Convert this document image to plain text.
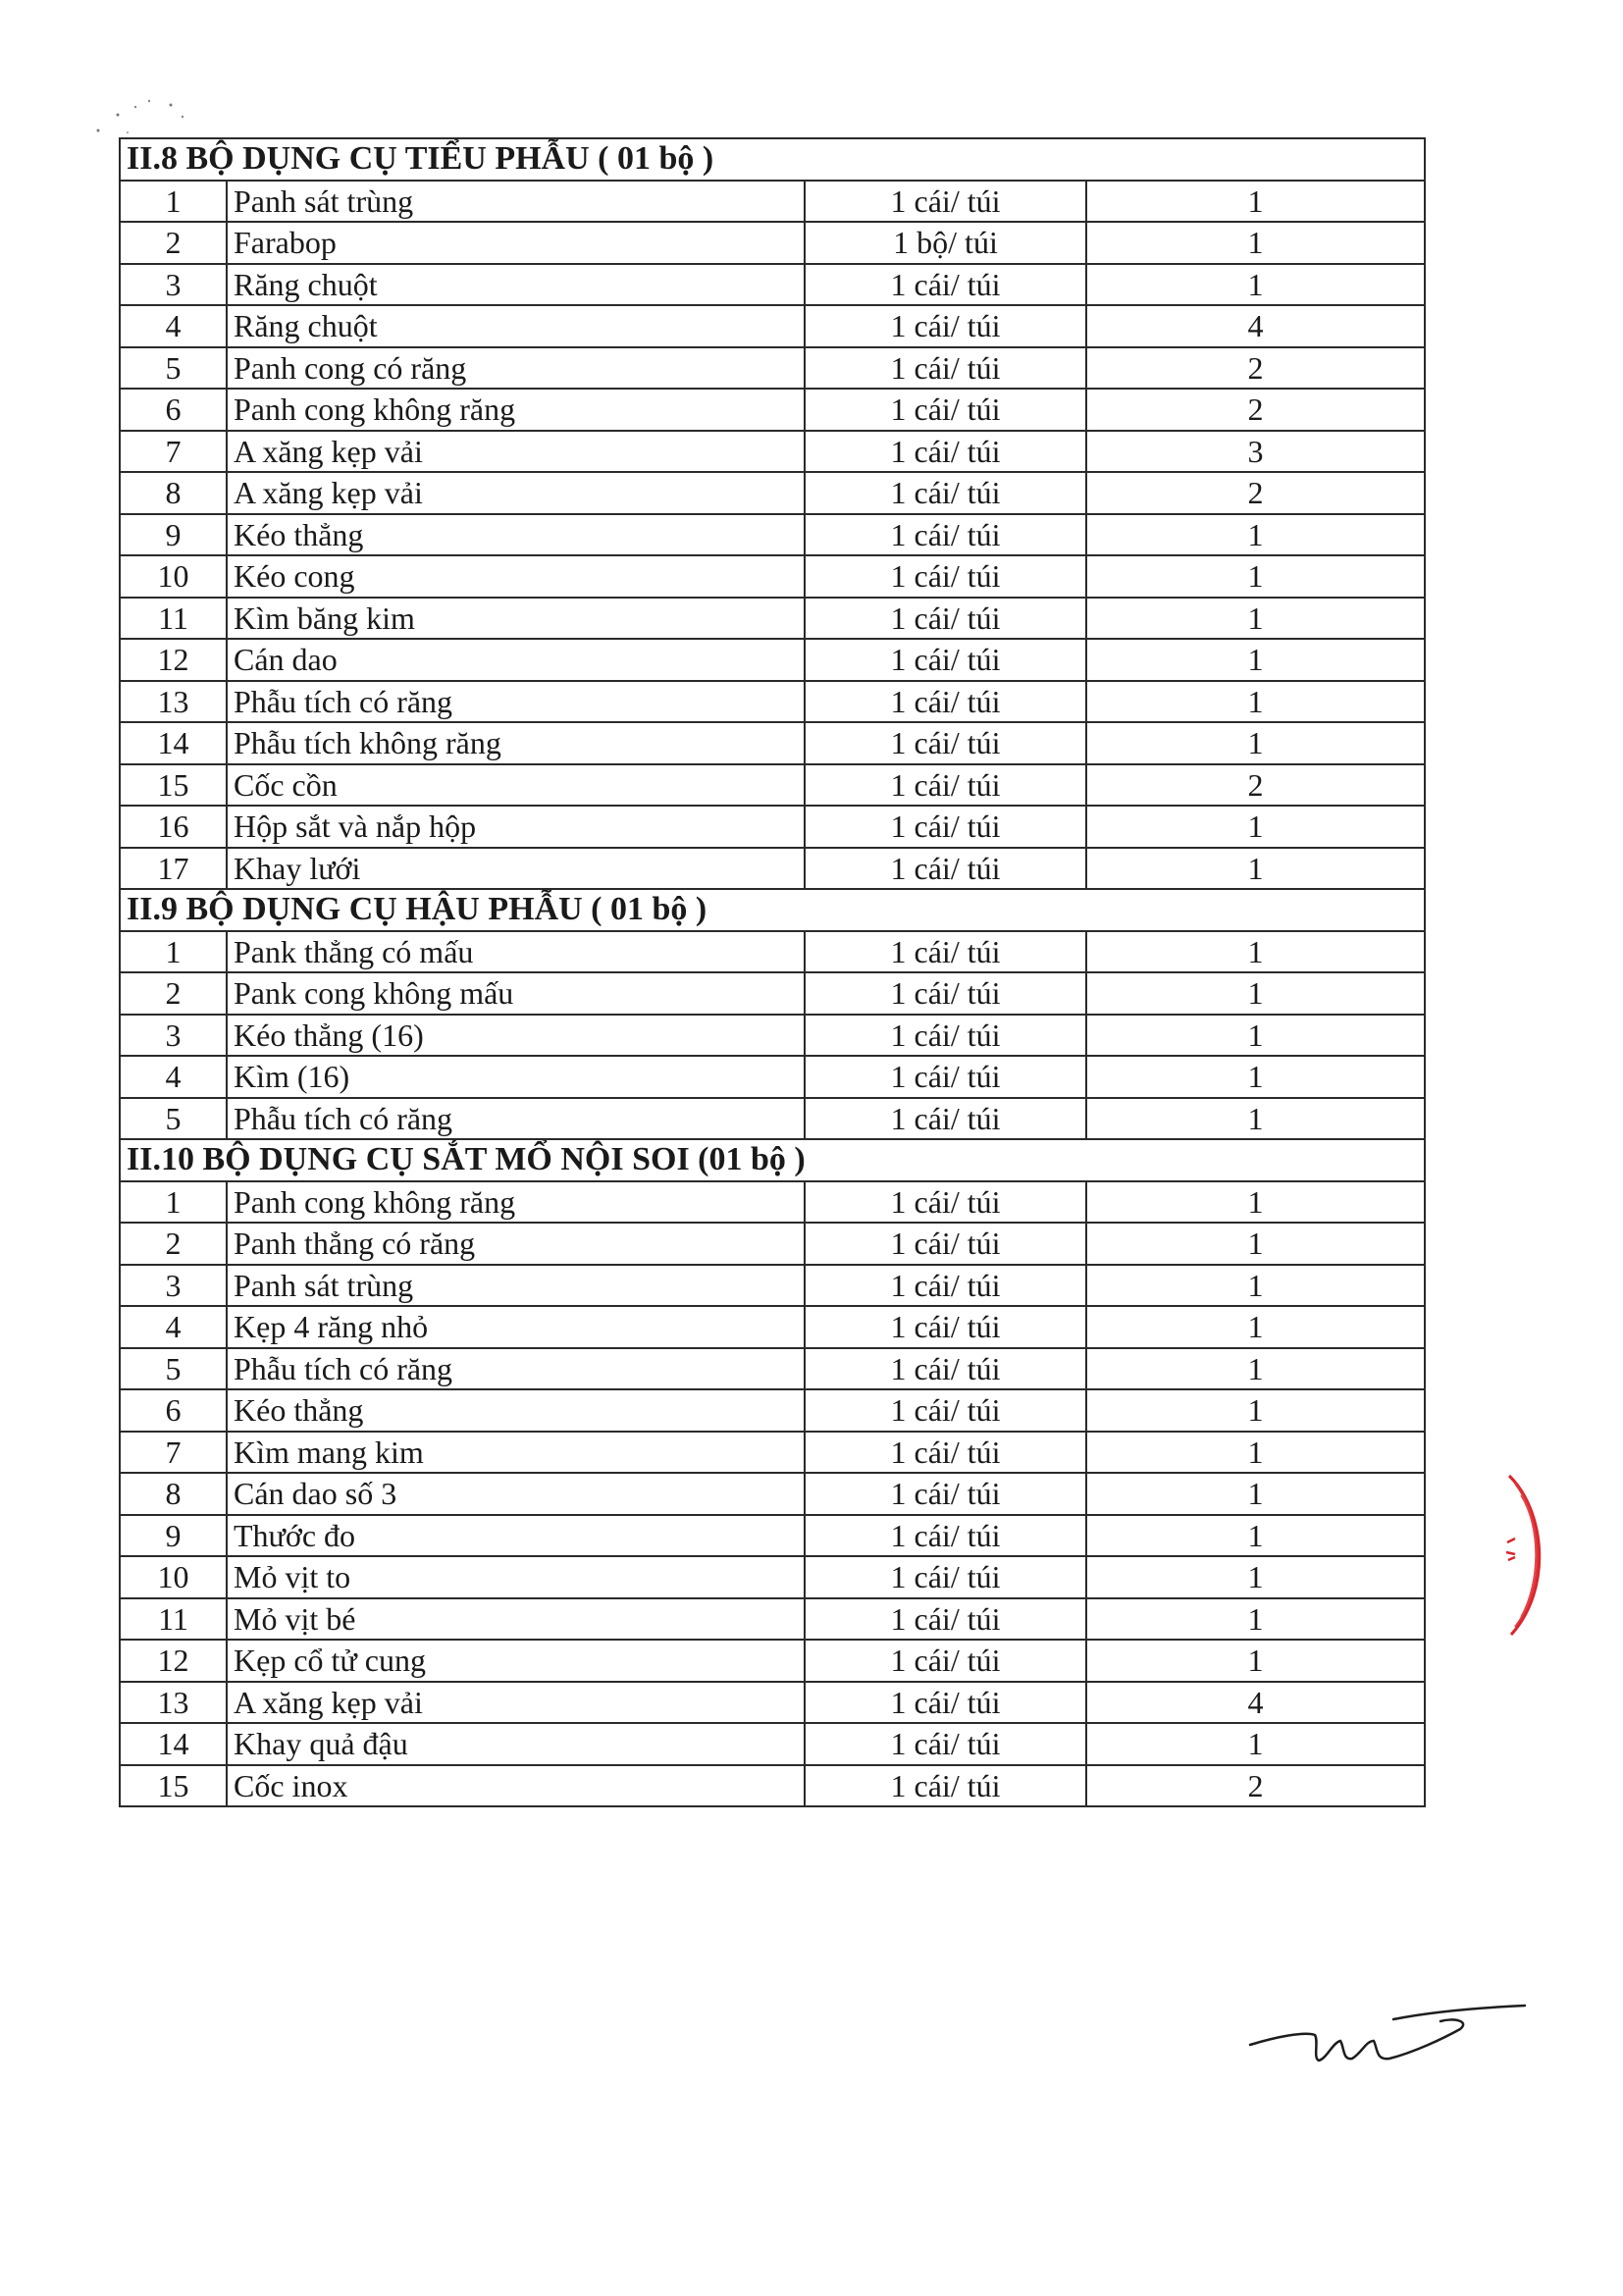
II.8 BỘ DỤNG CỤ TIỂU PHẪU ( 01 bộ )			
1	Panh sát trùng	1 cái/ túi	1
2	Farabop	1 bộ/ túi	1
3	Răng chuột	1 cái/ túi	1
4	Răng chuột	1 cái/ túi	4
5	Panh cong có răng	1 cái/ túi	2
6	Panh cong không răng	1 cái/ túi	2
7	A xăng kẹp vải	1 cái/ túi	3
8	A xăng kẹp vải	1 cái/ túi	2
9	Kéo thẳng	1 cái/ túi	1
10	Kéo cong	1 cái/ túi	1
11	Kìm băng kim	1 cái/ túi	1
12	Cán dao	1 cái/ túi	1
13	Phẫu tích có răng	1 cái/ túi	1
14	Phẫu tích không răng	1 cái/ túi	1
15	Cốc cồn	1 cái/ túi	2
16	Hộp sắt và nắp hộp	1 cái/ túi	1
17	Khay lưới	1 cái/ túi	1
II.9 BỘ DỤNG CỤ HẬU PHẪU ( 01 bộ )			
1	Pank thẳng có mấu	1 cái/ túi	1
2	Pank cong không mấu	1 cái/ túi	1
3	Kéo thẳng (16)	1 cái/ túi	1
4	Kìm (16)	1 cái/ túi	1
5	Phẫu tích có răng	1 cái/ túi	1
II.10 BỘ DỤNG CỤ SẮT MỔ NỘI SOI (01 bộ )			
1	Panh cong không răng	1 cái/ túi	1
2	Panh thẳng có răng	1 cái/ túi	1
3	Panh sát trùng	1 cái/ túi	1
4	Kẹp 4 răng nhỏ	1 cái/ túi	1
5	Phẫu tích có răng	1 cái/ túi	1
6	Kéo thẳng	1 cái/ túi	1
7	Kìm mang kim	1 cái/ túi	1
8	Cán dao số 3	1 cái/ túi	1
9	Thước đo	1 cái/ túi	1
10	Mỏ vịt to	1 cái/ túi	1
11	Mỏ vịt bé	1 cái/ túi	1
12	Kẹp cổ tử cung	1 cái/ túi	1
13	A xăng kẹp vải	1 cái/ túi	4
14	Khay quả đậu	1 cái/ túi	1
15	Cốc inox	1 cái/ túi	2
